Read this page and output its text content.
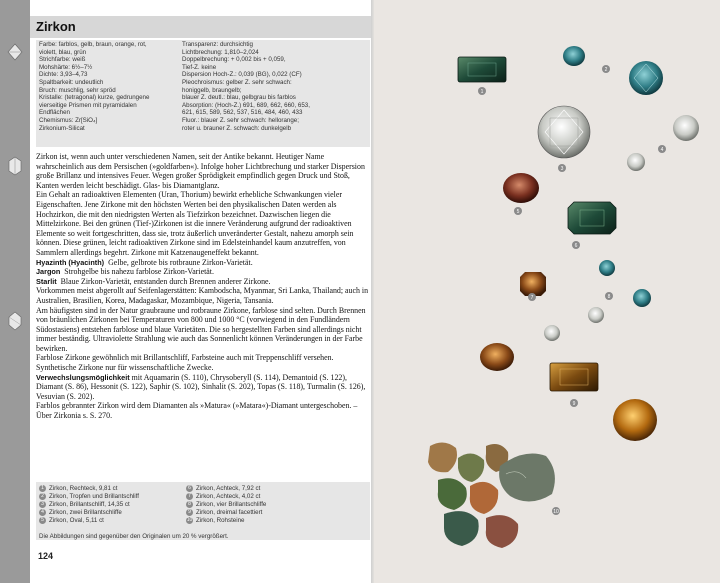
Zirkon
Farbe: farblos, gelb, braun, orange, rot,
violett, blau, grün
Strichfarbe: weiß
Mohshärte: 6½–7½
Dichte: 3,93–4,73
Spaltbarkeit: undeutlich
Bruch: muschlig, sehr spröd
Kristalle: (tetragonal) kurze, gedrungene
vierseitige Prismen mit pyramidalen
Endflächen
Chemismus: Zr[SiO₄]
Zirkonium-Silicat
Transparenz: durchsichtig
Lichtbrechung: 1,810–2,024
Doppelbrechung: + 0,002 bis + 0,059,
Tief-Z. keine
Dispersion Hoch-Z.: 0,039 (BG), 0,022 (CF)
Pleochroismus: gelber Z. sehr schwach:
honiggelb, braungelb;
blauer Z. deutl.: blau, gelbgrau bis farblos
Absorption: (Hoch-Z.) 691, 689, 662, 660, 653,
621, 615, 589, 562, 537, 516, 484, 460, 433
Fluor.: blauer Z. sehr schwach: hellorange;
roter u. brauner Z. schwach: dunkelgelb

Zirkon ist, wenn auch unter verschiedenen Namen, seit der Antike bekannt. Heutiger Name wahrscheinlich aus dem Persischen (»goldfarben«). Infolge hoher Lichtbrechung und starker Dispersion große Brillanz und intensives Feuer. Wegen großer Sprödigkeit empfindlich gegen Druck und Stoß, Kanten werden leicht beschädigt. Glas- bis Diamantglanz.
Ein Gehalt an radioaktiven Elementen (Uran, Thorium) bewirkt erhebliche Schwankungen vieler Eigenschaften. Jene Zirkone mit den höchsten Werten bei den physikalischen Daten werden als Hochzirkon, die mit den niedrigsten Werten als Tiefzirkon bezeichnet. Dazwischen liegen die Mittelzirkone. Bei den grünen (Tief-)Zirkonen ist die innere Veränderung aufgrund der radioaktiven Elemente so weit fortgeschritten, dass sie, trotz äußerlich unveränderter Gestalt, nahezu amorph sein können. Diese grünen, leicht radioaktiven Zirkone sind im Edelsteinhandel kaum anzutreffen, von Sammlern allerdings begehrt. Zirkone mit Katzenaugeneffekt bekannt.

Hyazinth (Hyacinth) Gelbe, gelbrote bis rotbraune Zirkon-Varietät.

Jargon Strohgelbe bis nahezu farblose Zirkon-Varietät.

Starlit Blaue Zirkon-Varietät, entstanden durch Brennen anderer Zirkone.

Vorkommen meist abgerollt auf Seifenlagerstätten: Kambodscha, Myanmar, Sri Lanka, Thailand; auch in Australien, Brasilien, Korea, Madagaskar, Mozambique, Nigeria, Tansania.
Am häufigsten sind in der Natur graubraune und rotbraune Zirkone, farblose sind selten. Durch Brennen von bräunlichen Zirkonen bei Temperaturen von 800 und 1000 °C (vorwiegend in den Fundländern Südostasiens) entstehen farblose und blaue Varietäten. Die so hergestellten Farben sind allerdings nicht immer beständig. Ultraviolette Strahlung wie auch das Sonnenlicht können Veränderungen in der Farbe bewirken.
Farblose Zirkone gewöhnlich mit Brillantschliff, Farbsteine auch mit Treppenschliff versehen. Synthetische Zirkone nur für wissenschaftliche Zwecke.

Verwechslungsmöglichkeit mit Aquamarin (S. 110), Chrysoberyll (S. 114), Demantoid (S. 122), Diamant (S. 86), Hessonit (S. 122), Saphir (S. 102), Sinhalit (S. 202), Topas (S. 118), Turmalin (S. 126), Vesuvian (S. 202).

Farblos gebrannter Zirkon wird dem Diamanten als »Matura« (»Matara«)-Diamant untergeschoben. – Über Zirkonia s. S. 270.

1 Zirkon, Rechteck, 9,81 ct
2 Zirkon, Tropfen und Brillantschliff
3 Zirkon, Brillantschliff, 14,35 ct
4 Zirkon, zwei Brillantschliffe
5 Zirkon, Oval, 5,11 ct
6 Zirkon, Achteck, 7,92 ct
7 Zirkon, Achteck, 4,02 ct
8 Zirkon, vier Brillantschliffe
9 Zirkon, dreimal facettiert
10 Zirkon, Rohsteine
Die Abbildungen sind gegenüber den Originalen um 20 % vergrößert.
124
1
2
3
4
5
6
7	8
9
10
